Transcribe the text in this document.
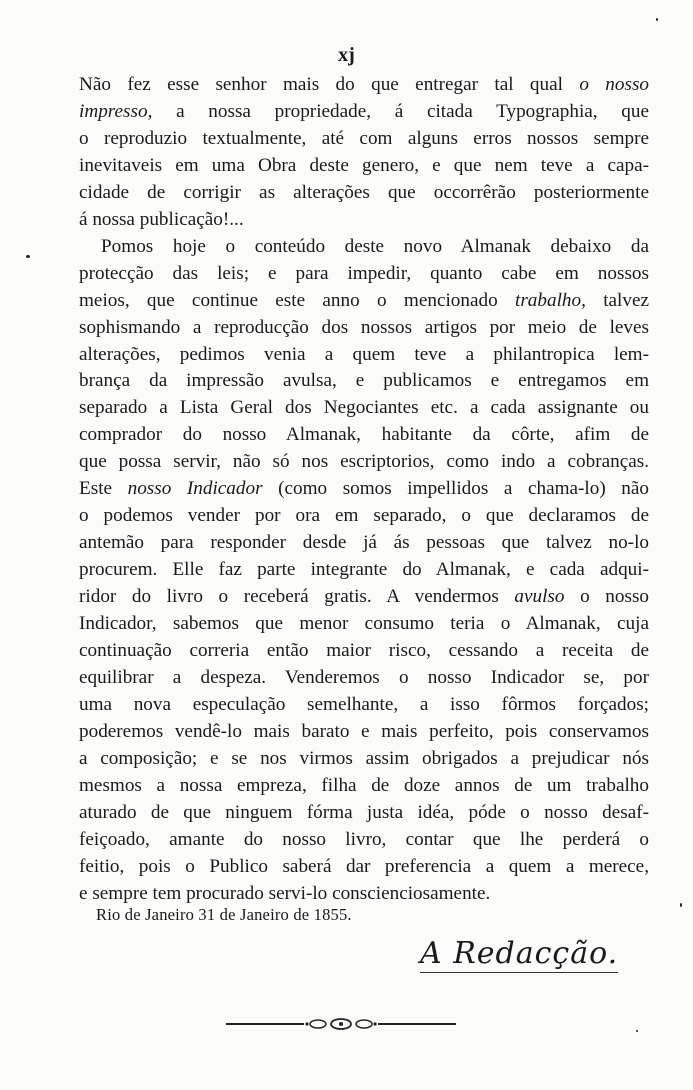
xj
Não fez esse senhor mais do que entregar tal qual o nosso
impresso, a nossa propriedade, á citada Typographia, que
o reproduzio textualmente, até com alguns erros nossos sempre
inevitaveis em uma Obra deste genero, e que nem teve a capa-
cidade de corrigir as alterações que occorrêrão posteriormente
á nossa publicação!...
Pomos hoje o conteúdo deste novo Almanak debaixo da
protecção das leis; e para impedir, quanto cabe em nossos
meios, que continue este anno o mencionado trabalho, talvez
sophismando a reproducção dos nossos artigos por meio de leves
alterações, pedimos venia a quem teve a philantropica lem-
brança da impressão avulsa, e publicamos e entregamos em
separado a Lista Geral dos Negociantes etc. a cada assignante ou
comprador do nosso Almanak, habitante da côrte, afim de
que possa servir, não só nos escriptorios, como indo a cobranças.
Este nosso Indicador (como somos impellidos a chama-lo) não
o podemos vender por ora em separado, o que declaramos de
antemão para responder desde já ás pessoas que talvez no-lo
procurem. Elle faz parte integrante do Almanak, e cada adqui-
ridor do livro o receberá gratis. A vendermos avulso o nosso
Indicador, sabemos que menor consumo teria o Almanak, cuja
continuação correria então maior risco, cessando a receita de
equilibrar a despeza. Venderemos o nosso Indicador se, por
uma nova especulação semelhante, a isso fôrmos forçados;
poderemos vendê-lo mais barato e mais perfeito, pois conservamos
a composição; e se nos virmos assim obrigados a prejudicar nós
mesmos a nossa empreza, filha de doze annos de um trabalho
aturado de que ninguem fórma justa idéa, póde o nosso desaf-
feiçoado, amante do nosso livro, contar que lhe perderá o
feitio, pois o Publico saberá dar preferencia a quem a merece,
e sempre tem procurado servi-lo conscienciosamente.
Rio de Janeiro 31 de Janeiro de 1855.
A Redacção.
